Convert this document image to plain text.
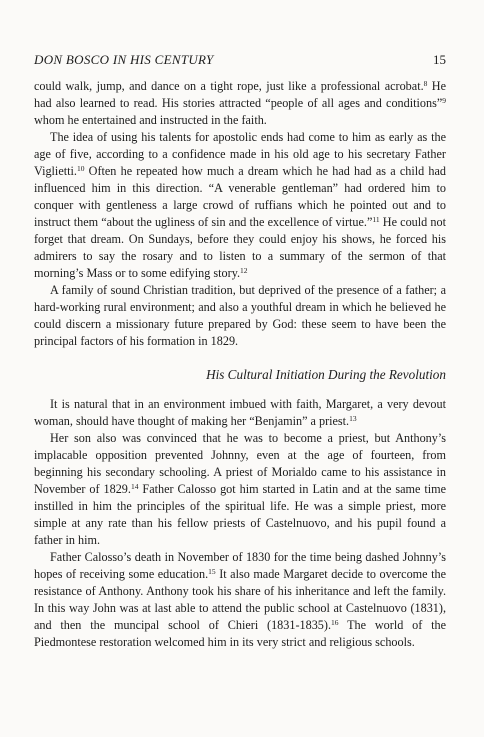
DON BOSCO IN HIS CENTURY	15

could walk, jump, and dance on a tight rope, just like a professional acrobat.$^8$ He had also learned to read. His stories attracted “people of all ages and conditions”$^9$ whom he entertained and instructed in the faith.

The idea of using his talents for apostolic ends had come to him as early as the age of five, according to a confidence made in his old age to his secretary Father Viglietti.$^{10}$ Often he repeated how much a dream which he had had as a child had influenced him in this direction. “A venerable gentleman” had ordered him to conquer with gentleness a large crowd of ruffians which he pointed out and to instruct them “about the ugliness of sin and the excellence of virtue.”$^{11}$ He could not forget that dream. On Sundays, before they could enjoy his shows, he forced his admirers to say the rosary and to listen to a summary of the sermon of that morning’s Mass or to some edifying story.$^{12}$

A family of sound Christian tradition, but deprived of the presence of a father; a hard-working rural environment; and also a youthful dream in which he believed he could discern a missionary future prepared by God: these seem to have been the principal factors of his formation in 1829.

His Cultural Initiation During the Revolution

It is natural that in an environment imbued with faith, Margaret, a very devout woman, should have thought of making her “Benjamin” a priest.$^{13}$

Her son also was convinced that he was to become a priest, but Anthony’s implacable opposition prevented Johnny, even at the age of fourteen, from beginning his secondary schooling. A priest of Morialdo came to his assistance in November of 1829.14 Father Calosso got him started in Latin and at the same time instilled in him the principles of the spiritual life. He was a simple priest, more simple at any rate than his fellow priests of Castelnuovo, and his pupil found a father in him.

Father Calosso’s death in November of 1830 for the time being dashed Johnny’s hopes of receiving some education.$^{15}$ It also made Margaret decide to overcome the resistance of Anthony. Anthony took his share of his inheritance and left the family. In this way John was at last able to attend the public school at Castelnuovo (1831), and then the muncipal school of Chieri (1831-1835).$^{16}$ The world of the Piedmontese restoration welcomed him in its very strict and religious schools.
